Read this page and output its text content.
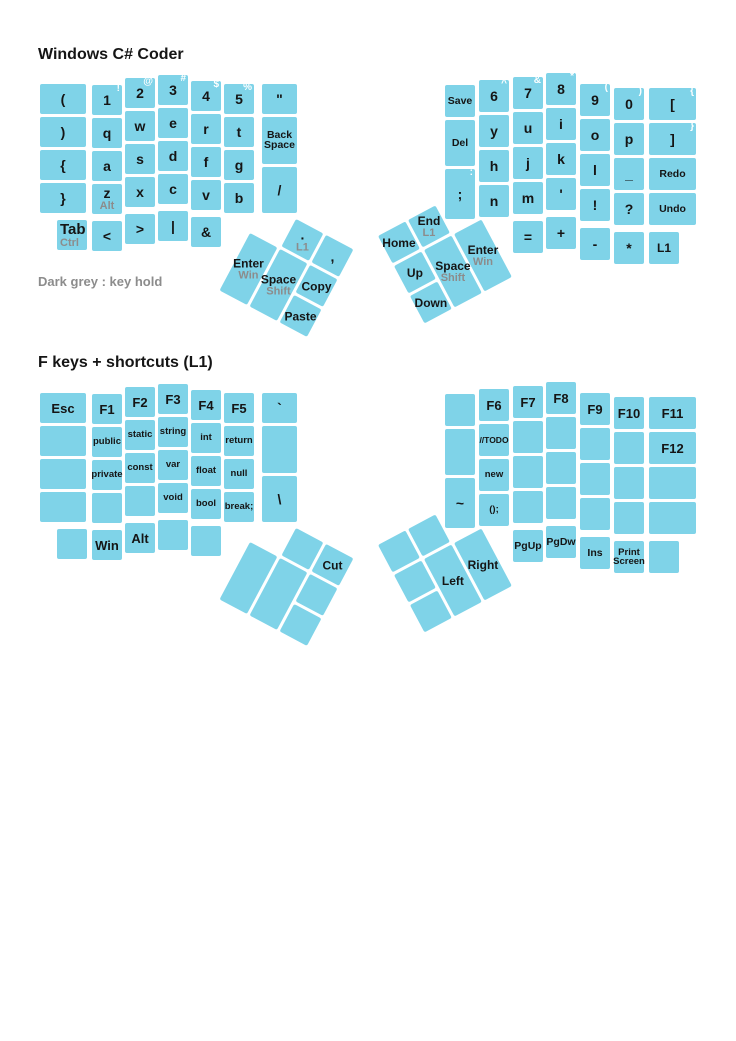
Windows C# Coder
Dark grey : key hold
F keys + shortcuts (L1)
Enter
Win
.
L1
Space
Shift
,
Copy
Paste
Home
Up
Down
End
L1
Space
Shift
Enter
Win
(
)
{
}
Tab
Ctrl
!
1
q
a
z
Alt
<
@
2
w
s
x
>
#
3
e
d
c
|
$
4
r
f
v
&
%
5
t
g
b
"
Back Space
/
Save
Del
:
;
^
6
y
h
n
&
7
u
j
m
=
*
8
i
k
'
+
(
9
o
l
!
-
)
0
p
_
?
*
{
[
}
]
Redo
Undo
L1
Cut
Left
Right
Esc F1
public
private
Win
F2
static
const
Alt
F3
string
var
void
F4
int
float
bool
F5
return
null
break;
`
\	~
F6
//TODO
new
();
F7
PgUp
F8
PgDw
F9
Ins
F10
Print Screen
F11
F12
